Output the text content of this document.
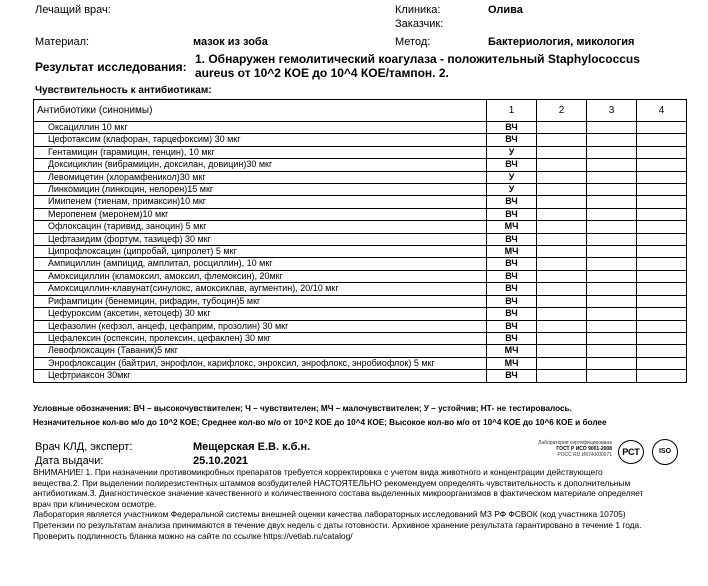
Лечащий врач:	Клиника:	Олива
Заказчик:
Материал:	мазок из зоба	Метод:	Бактериология, микология
Результат исследования:
1. Обнаружен гемолитический коагулаза - положительный Staphylococcus
aureus от 10^2 КОЕ до 10^4 КОЕ/тампон. 2.
Чувствительность к антибиотикам:
Антибиотики (синонимы)	1	2	3	4
Оксациллин 10 мкг	ВЧ			
Цефотаксим (клафоран, тарцефоксим) 30 мкг	ВЧ			
Гентамицин (гарамицин, генцин), 10 мкг	У			
Доксициклин (вибрамицин, доксилан, довицин)30 мкг	ВЧ			
Левомицетин (хлорамфеникол)30 мкг	У			
Линкомицин (линкоцин, нелорен)15 мкг	У			
Имипенем (тиенам, примаксин)10 мкг	ВЧ			
Меропенем (меронем)10 мкг	ВЧ			
Офлоксацин (таривид, заноцин) 5 мкг	МЧ			
Цефтазидим (фортум, тазицеф) 30 мкг	ВЧ			
Ципрофлоксацин (ципробай, ципролет) 5 мкг	МЧ			
Ампициллин (ампицид, амплитал, росциллин), 10 мкг	ВЧ			
Амоксициллин (кламоксил, амоксил, флемоксин), 20мкг	ВЧ			
Амоксициллин-клавунат(синулокс, амоксиклав, аугментин), 20/10 мкг	ВЧ			
Рифампицин (бенемицин, рифадин, тубоцин)5 мкг	ВЧ			
Цефуроксим (аксетин, кетоцеф) 30 мкг	ВЧ			
Цефазолин (кефзол, анцеф, цефаприм, прозолин) 30 мкг	ВЧ			
Цефалексин (оспексин, пролексин, цефаклен) 30 мкг	ВЧ			
Левофлоксацин (Таваник)5 мкг	МЧ			
Энрофлоксацин (байтрил, энрофлон, карифлокс, энроксил, энрофлокс, энробиофлок) 5 мкг	МЧ			
Цефтриаксон 30мкг	ВЧ			
Условные обозначения: ВЧ – высокочувствителен; Ч – чувствителен; МЧ – малочувствителен; У – устойчив; НТ- не тестировалось.
Незначительное кол-во м/о до 10^2 КОЕ; Среднее кол-во м/о от 10^2 КОЕ до 10^4 КОЕ; Высокое кол-во м/о от 10^4 КОЕ до 10^6 КОЕ и более
Врач КЛД, эксперт:	Мещерская Е.В. к.б.н.
Дата выдачи:	25.10.2021
Лаборатория сертифицирована
ГОСТ Р ИСО 9001-2008
РОСС RU.ИК74.К00071	РСТ	ISO
ВНИМАНИЕ! 1. При назначении противомикробных препаратов требуется корректировка с учетом вида животного и концентрации действующего
вещества.2. При выделении полирезистентных штаммов возбудителей НАСТОЯТЕЛЬНО рекомендуем определять чувствительность к дополнительным
антибиотикам.3. Диагностическое значение качественного и количественного состава выделенных микроорганизмов в фактическом материале определяет
врач при клиническом осмотре.
Лаборатория является участником Федеральной системы внешней оценки качества лабораторных исследований МЗ РФ ФСВОК (код участника 10705)
Претензии по результатам анализа принимаются в течение двух недель с даты готовности. Архивное хранение результата гарантировано в течение 1 года.
Проверить подлинность бланка можно на сайте по ссылке https://vetlab.ru/catalog/
